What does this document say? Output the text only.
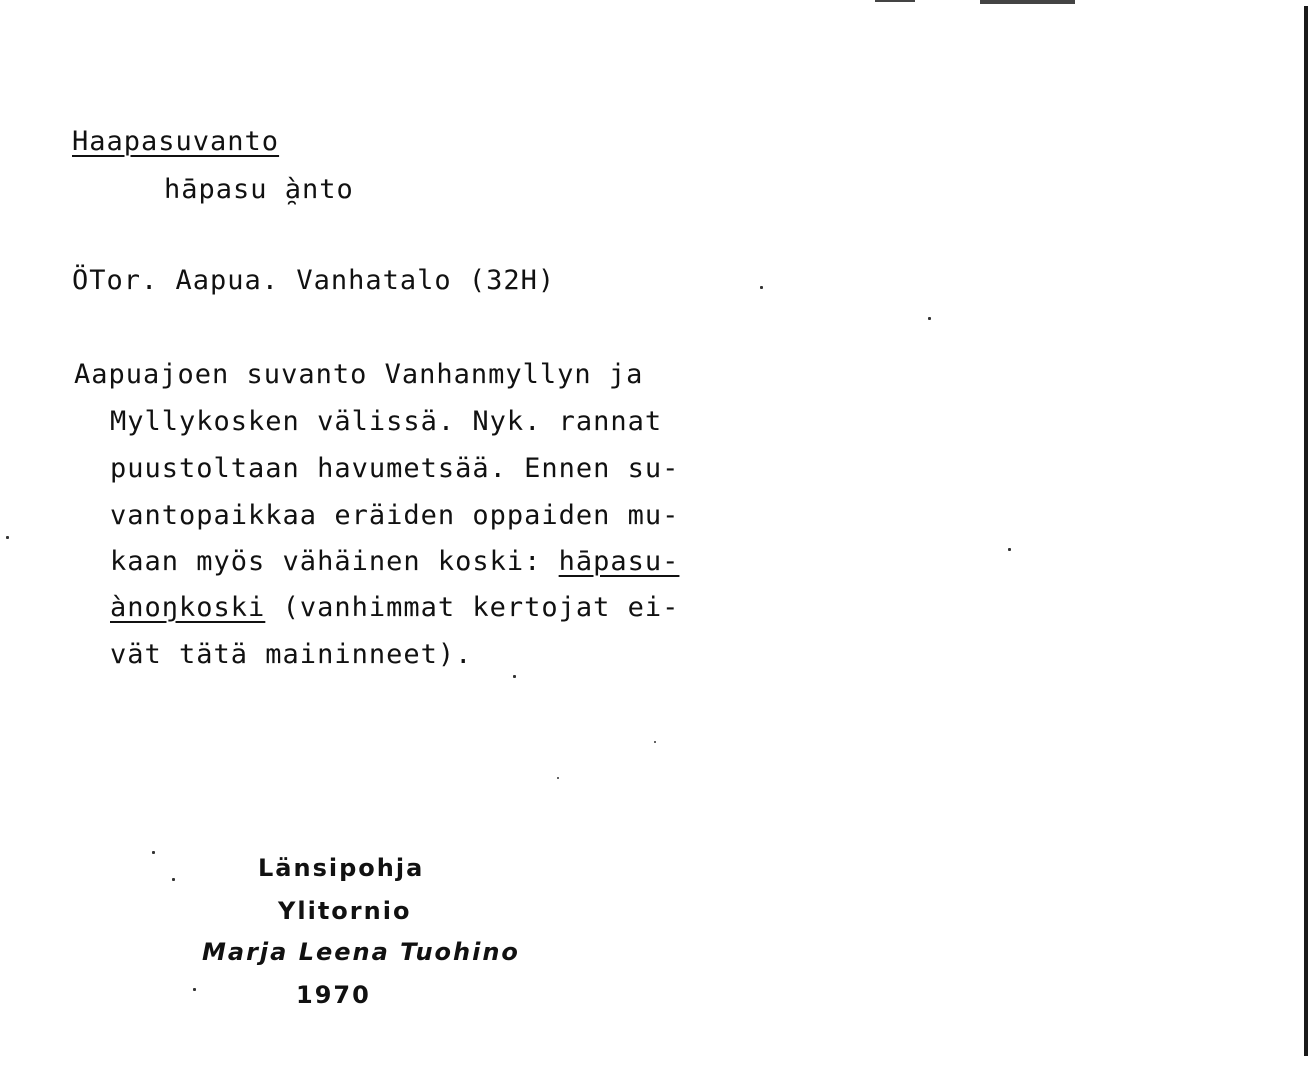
Haapasuvanto
hāpasu ̯ànto
ÖTor. Aapua. Vanhatalo (32H)
Aapuajoen suvanto Vanhanmyllyn ja
Myllykosken välissä. Nyk. rannat
puustoltaan havumetsää. Ennen su-
vantopaikkaa eräiden oppaiden mu-
kaan myös vähäinen koski: hāpasu-
ànoŋkoski (vanhimmat kertojat ei-
vät tätä maininneet).
Länsipohja
Ylitornio
Marja Leena Tuohino
1970
